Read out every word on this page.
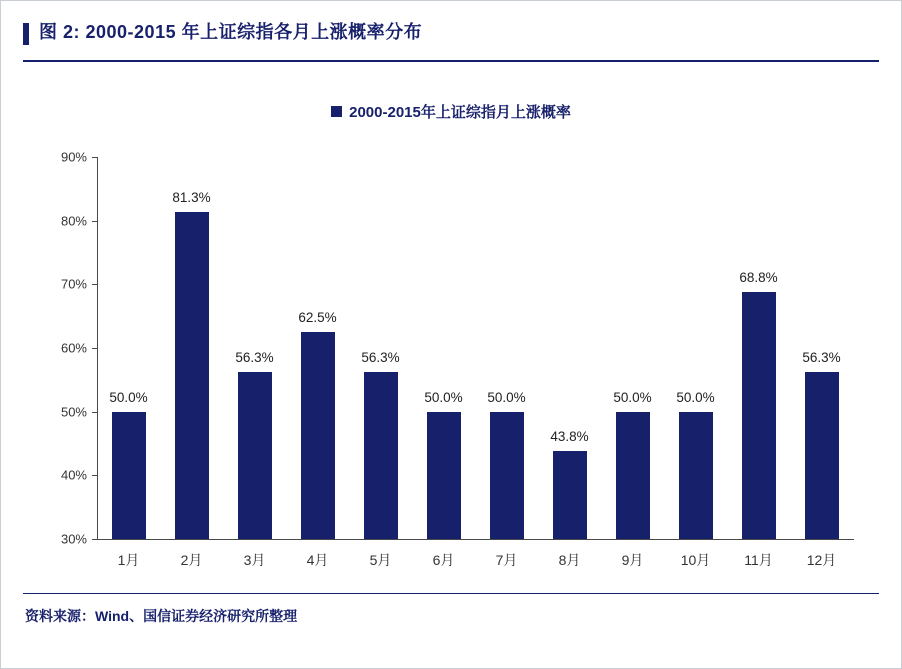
图 2: 2000-2015 年上证综指各月上涨概率分布
2000-2015年上证综指月上涨概率
90%
80%
70%
60%
50%
40%
30%
50.0%
81.3%
56.3%
62.5%
56.3%
50.0% 50.0%
43.8%
50.0% 50.0%
68.8%
56.3%
1月	2月	3月	4月	5月	6月	7月	8月	9月	10月	11月	12月
资料来源：Wind、国信证券经济研究所整理
